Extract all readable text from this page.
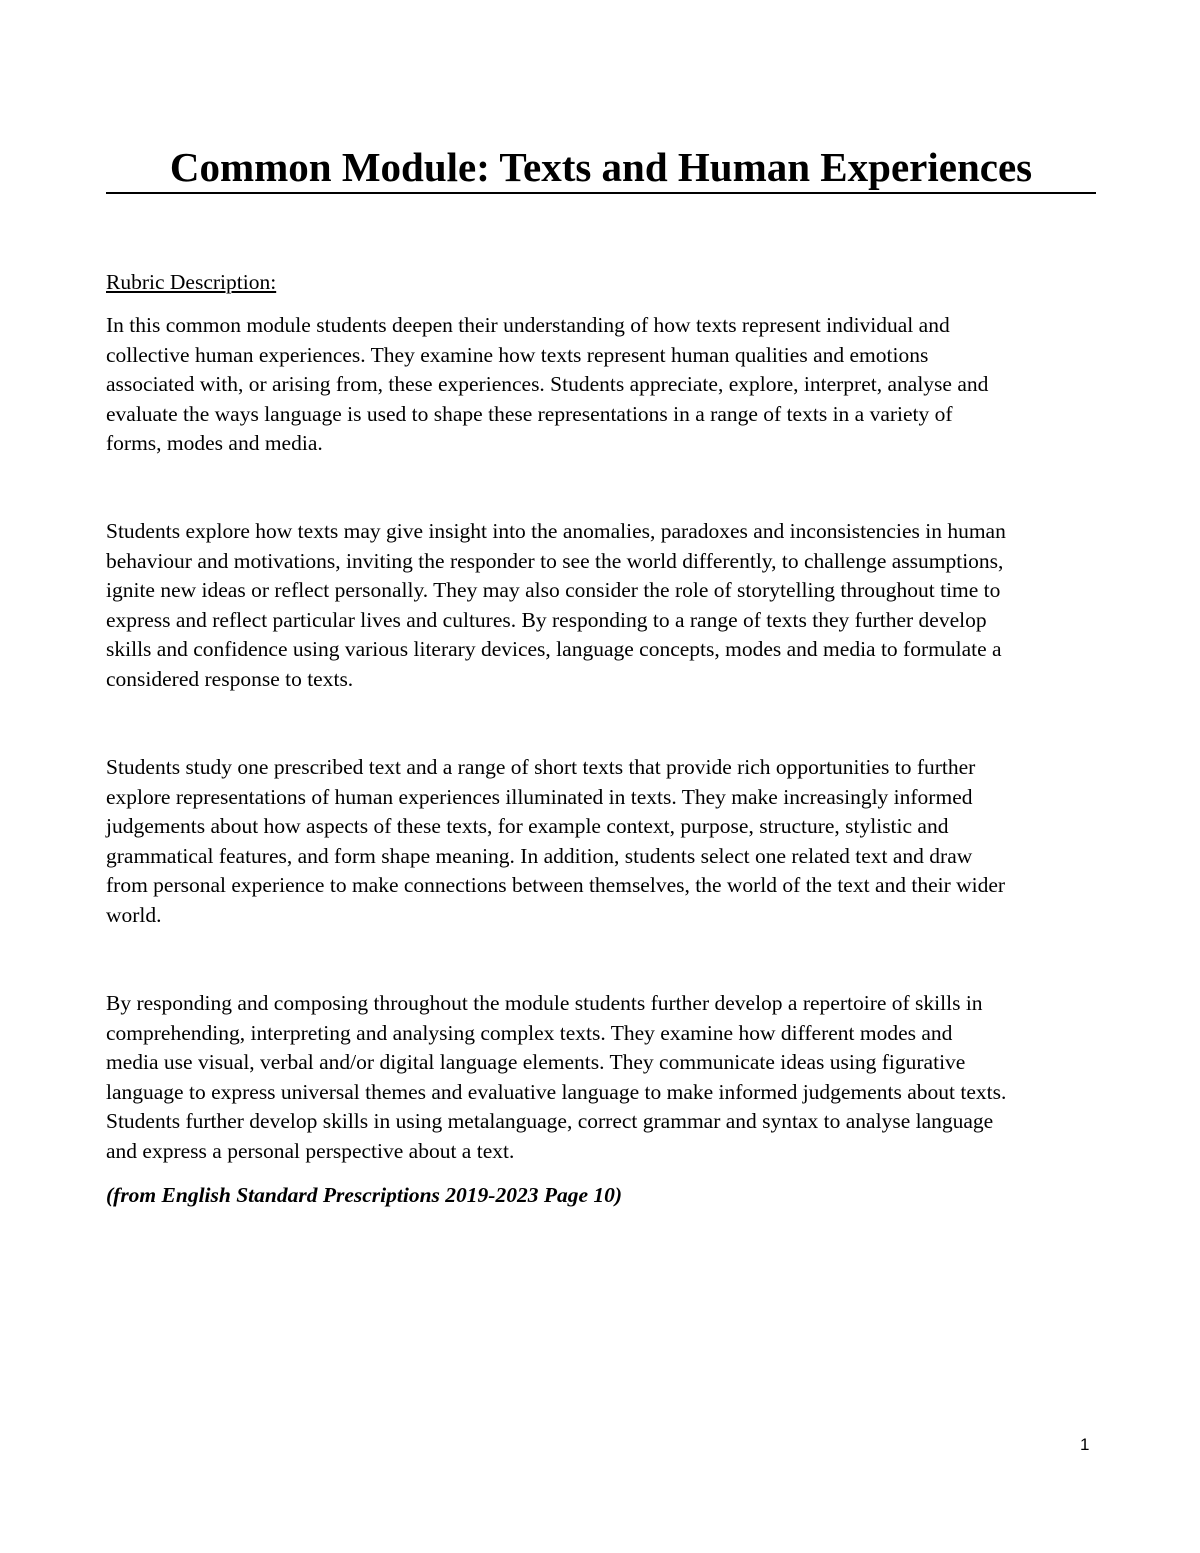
Common Module: Texts and Human Experiences

Rubric Description:

In this common module students deepen their understanding of how texts represent individual and
collective human experiences. They examine how texts represent human qualities and emotions
associated with, or arising from, these experiences. Students appreciate, explore, interpret, analyse and
evaluate the ways language is used to shape these representations in a range of texts in a variety of
forms, modes and media.

Students explore how texts may give insight into the anomalies, paradoxes and inconsistencies in human
behaviour and motivations, inviting the responder to see the world differently, to challenge assumptions,
ignite new ideas or reflect personally. They may also consider the role of storytelling throughout time to
express and reflect particular lives and cultures. By responding to a range of texts they further develop
skills and confidence using various literary devices, language concepts, modes and media to formulate a
considered response to texts.

Students study one prescribed text and a range of short texts that provide rich opportunities to further
explore representations of human experiences illuminated in texts. They make increasingly informed
judgements about how aspects of these texts, for example context, purpose, structure, stylistic and
grammatical features, and form shape meaning. In addition, students select one related text and draw
from personal experience to make connections between themselves, the world of the text and their wider
world.

By responding and composing throughout the module students further develop a repertoire of skills in
comprehending, interpreting and analysing complex texts. They examine how different modes and
media use visual, verbal and/or digital language elements. They communicate ideas using figurative
language to express universal themes and evaluative language to make informed judgements about texts.
Students further develop skills in using metalanguage, correct grammar and syntax to analyse language
and express a personal perspective about a text.

(from English Standard Prescriptions 2019-2023 Page 10)

1
